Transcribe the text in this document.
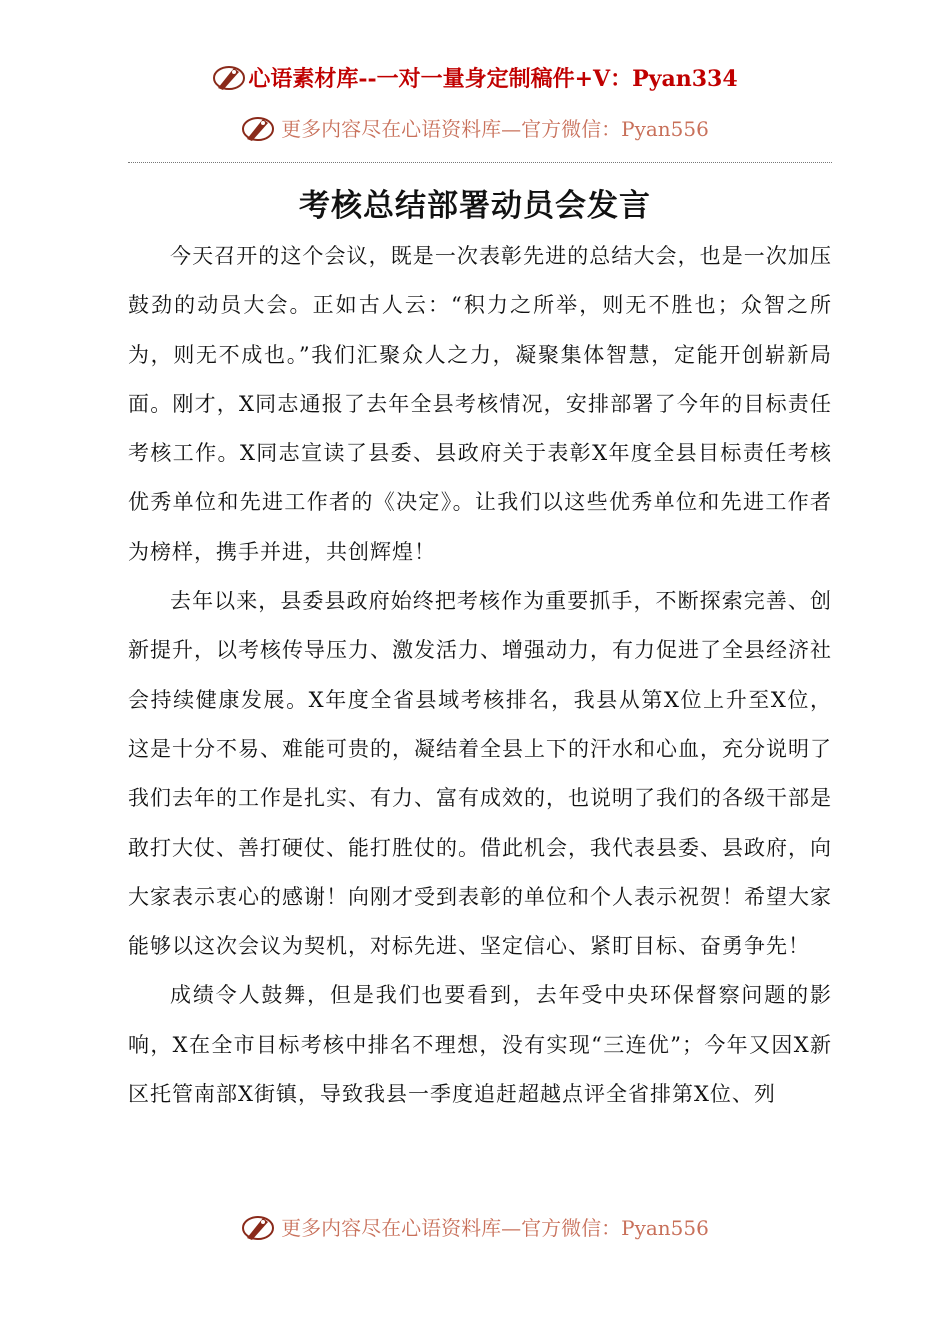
心语素材库--一对一量身定制稿件+V：Pyan334
更多内容尽在心语资料库—官方微信：Pyan556
考核总结部署动员会发言

今天召开的这个会议，既是一次表彰先进的总结大会，也是一次加压鼓劲的动员大会。正如古人云：“积力之所举，则无不胜也；众智之所为，则无不成也。”我们汇聚众人之力，凝聚集体智慧，定能开创崭新局面。刚才，X同志通报了去年全县考核情况，安排部署了今年的目标责任考核工作。X同志宣读了县委、县政府关于表彰X年度全县目标责任考核优秀单位和先进工作者的《决定》。让我们以这些优秀单位和先进工作者为榜样，携手并进，共创辉煌！

去年以来，县委县政府始终把考核作为重要抓手，不断探索完善、创新提升，以考核传导压力、激发活力、增强动力，有力促进了全县经济社会持续健康发展。X年度全省县域考核排名，我县从第X位上升至X位，这是十分不易、难能可贵的，凝结着全县上下的汗水和心血，充分说明了我们去年的工作是扎实、有力、富有成效的，也说明了我们的各级干部是敢打大仗、善打硬仗、能打胜仗的。借此机会，我代表县委、县政府，向大家表示衷心的感谢！向刚才受到表彰的单位和个人表示祝贺！希望大家能够以这次会议为契机，对标先进、坚定信心、紧盯目标、奋勇争先！

成绩令人鼓舞，但是我们也要看到，去年受中央环保督察问题的影响，X在全市目标考核中排名不理想，没有实现“三连优”；今年又因X新区托管南部X街镇，导致我县一季度追赶超越点评全省排第X位、列

更多内容尽在心语资料库—官方微信：Pyan556
